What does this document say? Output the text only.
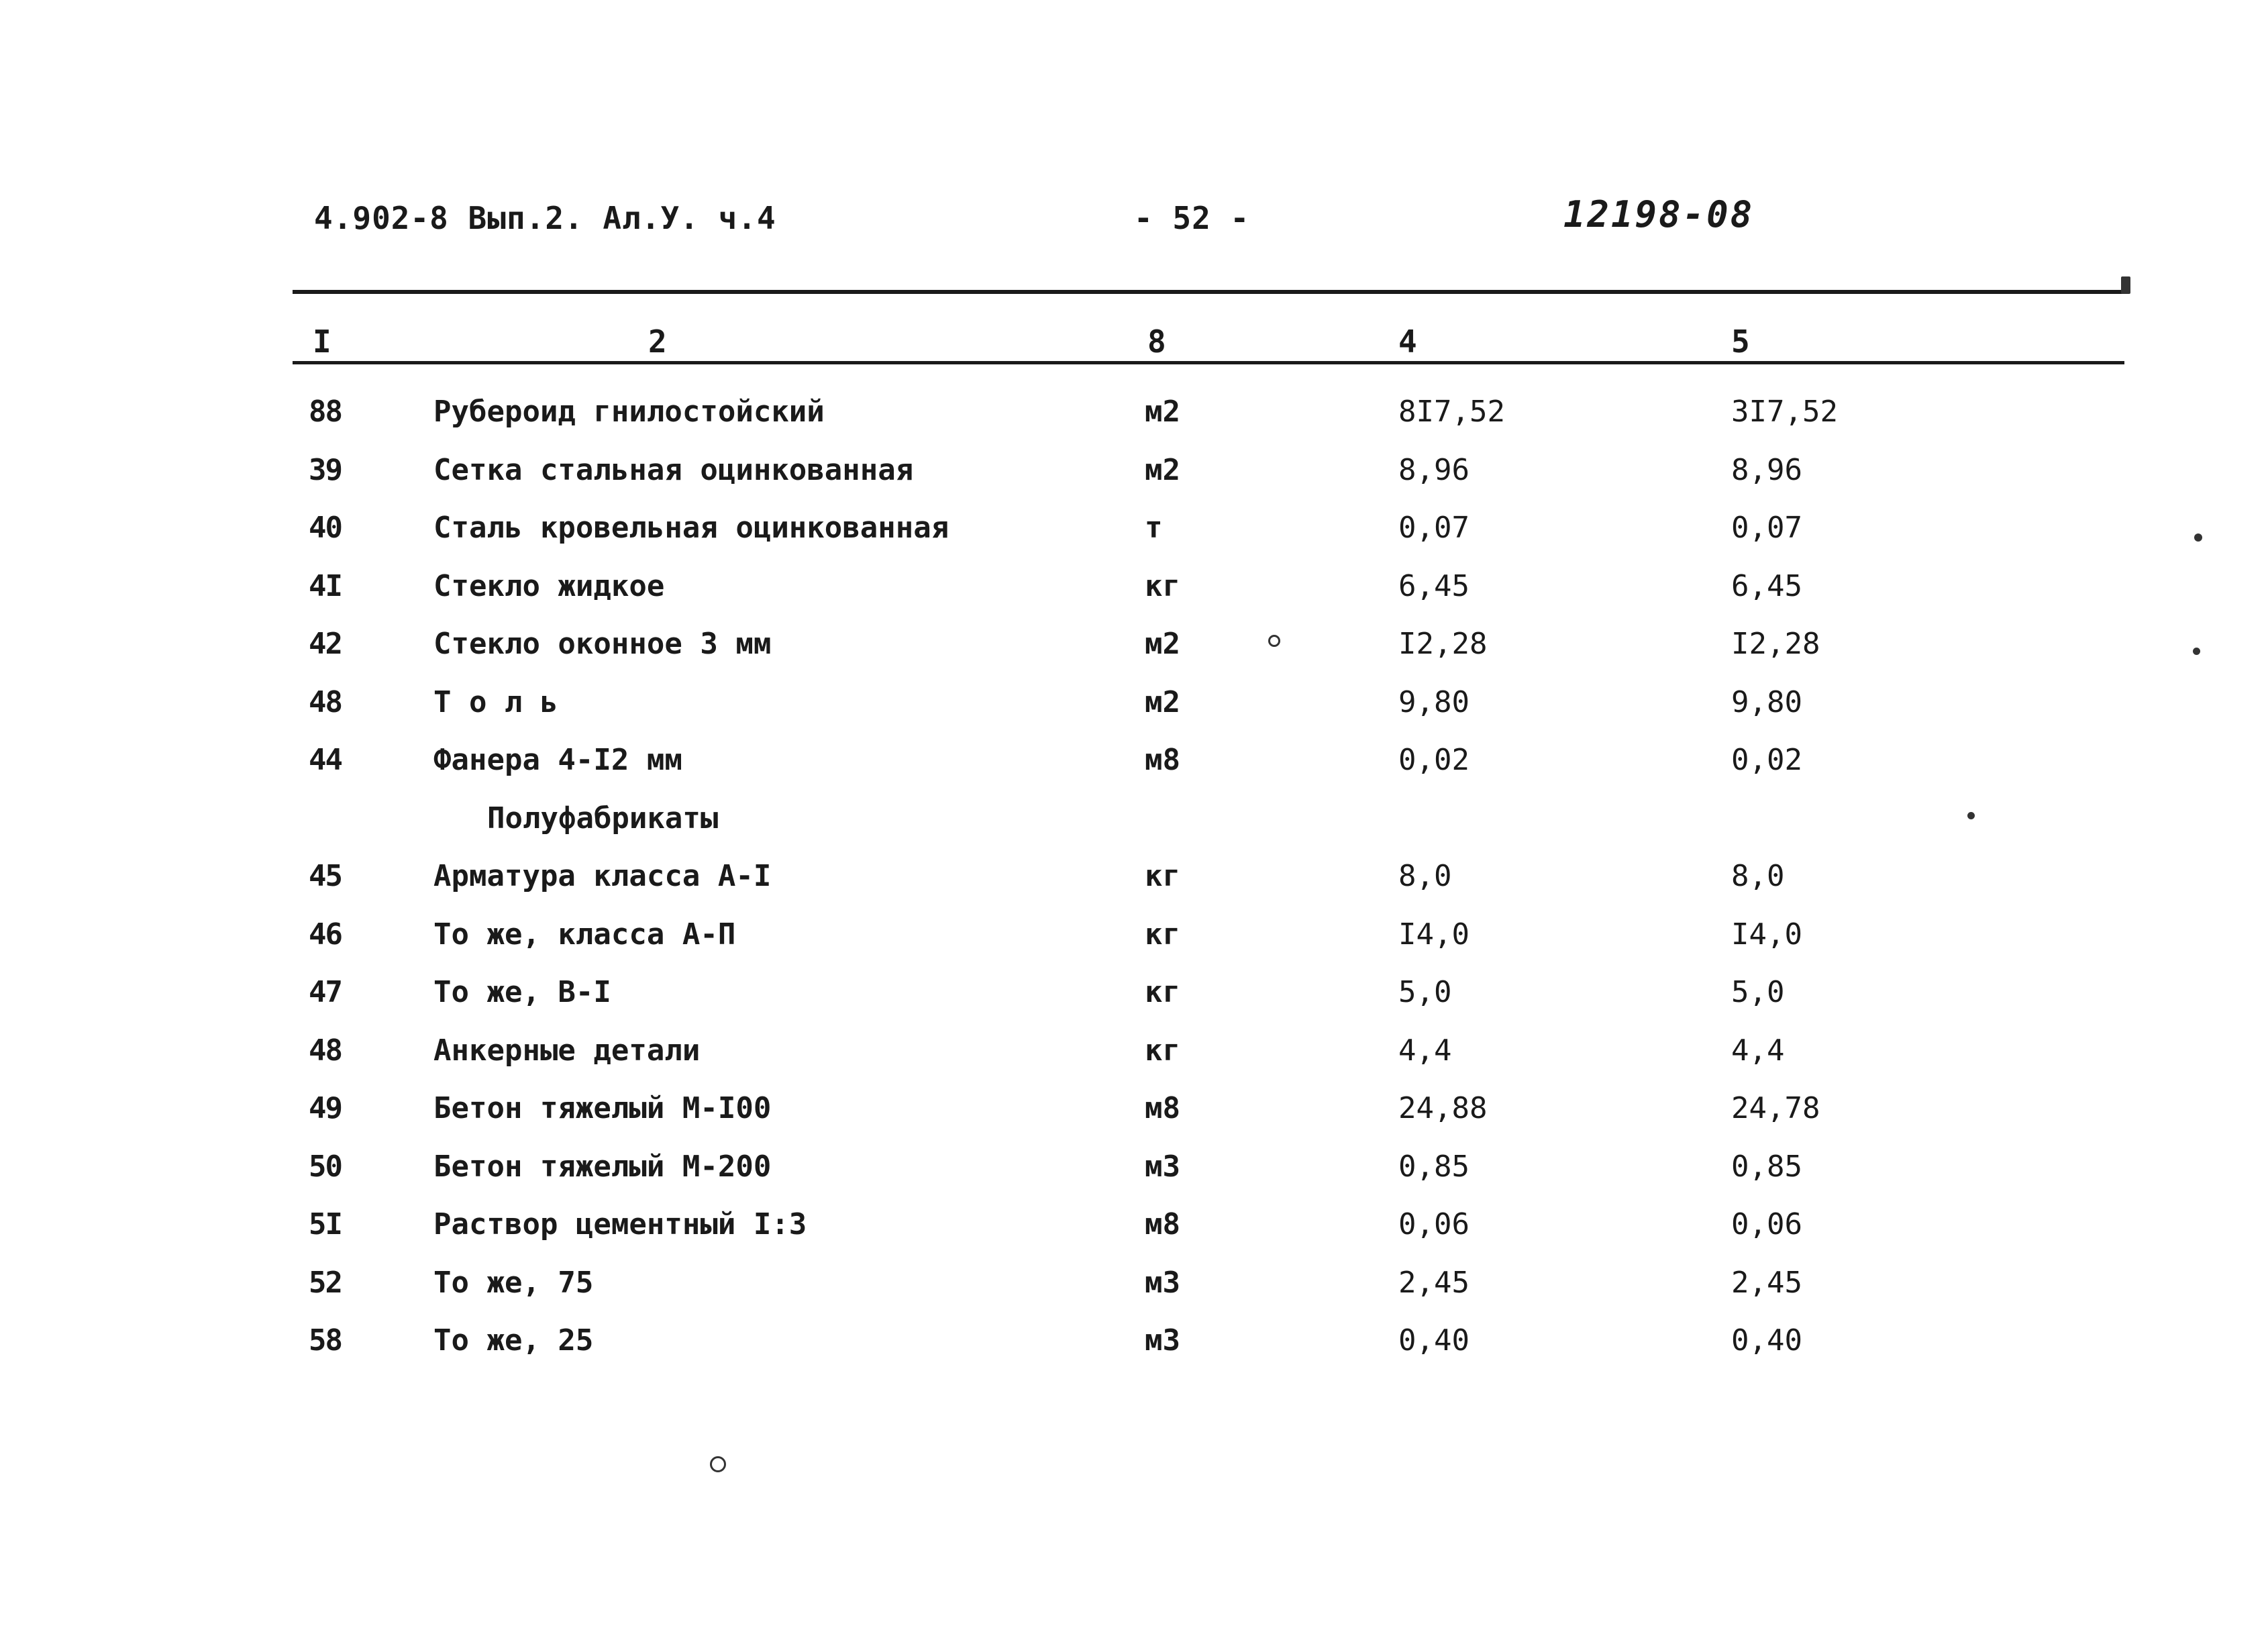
4.902-8 Вып.2. Ал.У. ч.4	- 52 -	12198-08
I	2	8	4	5
88	Рубероид гнилостойский	м2	8I7,52	3I7,52
39	Сетка стальная оцинкованная	м2	8,96	8,96
40	Сталь кровельная оцинкованная	т	0,07	0,07
4I	Стекло жидкое	кг	6,45	6,45
42	Стекло оконное 3 мм	м2	I2,28	I2,28
48	Т о л ь	м2	9,80	9,80
44	Фанера 4-I2 мм	м8	0,02	0,02
Полуфабрикаты
45	Арматура класса А-I	кг	8,0	8,0
46	То же, класса А-П	кг	I4,0	I4,0
47	То же, В-I	кг	5,0	5,0
48	Анкерные детали	кг	4,4	4,4
49	Бетон тяжелый М-I00	м8	24,88	24,78
50	Бетон тяжелый М-200	м3	0,85	0,85
5I	Раствор цементный I:3	м8	0,06	0,06
52	То же, 75	м3	2,45	2,45
58	То же, 25	м3	0,40	0,40
